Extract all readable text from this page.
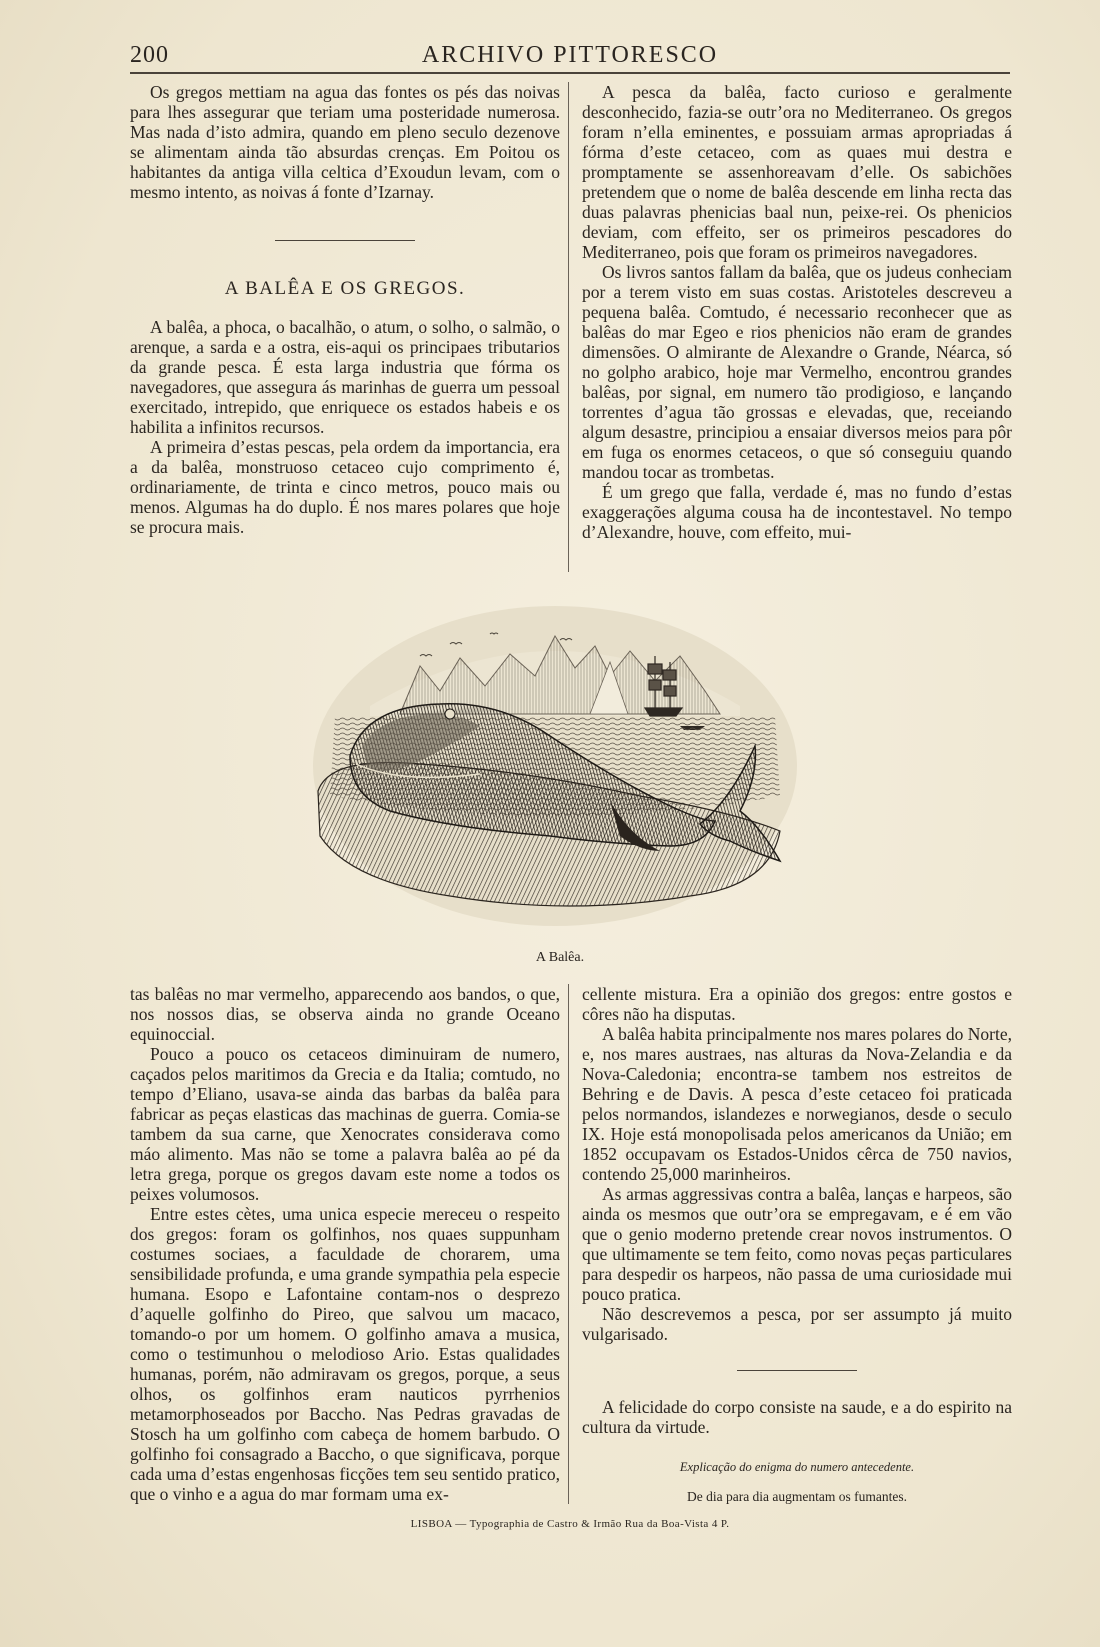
200	ARCHIVO PITTORESCO

Os gregos mettiam na agua das fontes os pés das noivas para lhes assegurar que teriam uma posteridade numerosa. Mas nada d’isto admira, quando em pleno seculo dezenove se alimentam ainda tão absurdas crenças. Em Poitou os habitantes da antiga villa celtica d’Exoudun levam, com o mesmo intento, as noivas á fonte d’Izarnay.

A BALÊA E OS GREGOS.

A balêa, a phoca, o bacalhão, o atum, o solho, o salmão, o arenque, a sarda e a ostra, eis-aqui os principaes tributarios da grande pesca. É esta larga industria que fórma os navegadores, que assegura ás marinhas de guerra um pessoal exercitado, intrepido, que enriquece os estados habeis e os habilita a infinitos recursos.

A primeira d’estas pescas, pela ordem da importancia, era a da balêa, monstruoso cetaceo cujo comprimento é, ordinariamente, de trinta e cinco metros, pouco mais ou menos. Algumas ha do duplo. É nos mares polares que hoje se procura mais.

A pesca da balêa, facto curioso e geralmente desconhecido, fazia-se outr’ora no Mediterraneo. Os gregos foram n’ella eminentes, e possuiam armas apropriadas á fórma d’este cetaceo, com as quaes mui destra e promptamente se assenhoreavam d’elle. Os sabichões pretendem que o nome de balêa descende em linha recta das duas palavras phenicias baal nun, peixe-rei. Os phenicios deviam, com effeito, ser os primeiros pescadores do Mediterraneo, pois que foram os primeiros navegadores.

Os livros santos fallam da balêa, que os judeus conheciam por a terem visto em suas costas. Aristoteles descreveu a pequena balêa. Comtudo, é necessario reconhecer que as balêas do mar Egeo e rios phenicios não eram de grandes dimensões. O almirante de Alexandre o Grande, Néarca, só no golpho arabico, hoje mar Vermelho, encontrou grandes balêas, por signal, em numero tão prodigioso, e lançando torrentes d’agua tão grossas e elevadas, que, receiando algum desastre, principiou a ensaiar diversos meios para pôr em fuga os enormes cetaceos, o que só conseguiu quando mandou tocar as trombetas.

É um grego que falla, verdade é, mas no fundo d’estas exaggerações alguma cousa ha de incontestavel. No tempo d’Alexandre, houve, com effeito, mui-

A Balêa.

tas balêas no mar vermelho, apparecendo aos bandos, o que, nos nossos dias, se observa ainda no grande Oceano equinoccial.

Pouco a pouco os cetaceos diminuiram de numero, caçados pelos maritimos da Grecia e da Italia; comtudo, no tempo d’Eliano, usava-se ainda das barbas da balêa para fabricar as peças elasticas das machinas de guerra. Comia-se tambem da sua carne, que Xenocrates considerava como máo alimento. Mas não se tome a palavra balêa ao pé da letra grega, porque os gregos davam este nome a todos os peixes volumosos.

Entre estes cètes, uma unica especie mereceu o respeito dos gregos: foram os golfinhos, nos quaes suppunham costumes sociaes, a faculdade de chorarem, uma sensibilidade profunda, e uma grande sympathia pela especie humana. Esopo e Lafontaine contam-nos o desprezo d’aquelle golfinho do Pireo, que salvou um macaco, tomando-o por um homem. O golfinho amava a musica, como o testimunhou o melodioso Ario. Estas qualidades humanas, porém, não admiravam os gregos, porque, a seus olhos, os golfinhos eram nauticos pyrrhenios metamorphoseados por Baccho. Nas Pedras gravadas de Stosch ha um golfinho com cabeça de homem barbudo. O golfinho foi consagrado a Baccho, o que significava, porque cada uma d’estas engenhosas ficções tem seu sentido pratico, que o vinho e a agua do mar formam uma ex-

cellente mistura. Era a opinião dos gregos: entre gostos e côres não ha disputas.

A balêa habita principalmente nos mares polares do Norte, e, nos mares austraes, nas alturas da Nova-Zelandia e da Nova-Caledonia; encontra-se tambem nos estreitos de Behring e de Davis. A pesca d’este cetaceo foi praticada pelos normandos, islandezes e norwegianos, desde o seculo IX. Hoje está monopolisada pelos americanos da União; em 1852 occupavam os Estados-Unidos cêrca de 750 navios, contendo 25,000 marinheiros.

As armas aggressivas contra a balêa, lanças e harpeos, são ainda os mesmos que outr’ora se empregavam, e é em vão que o genio moderno pretende crear novos instrumentos. O que ultimamente se tem feito, como novas peças particulares para despedir os harpeos, não passa de uma curiosidade mui pouco pratica.

Não descrevemos a pesca, por ser assumpto já muito vulgarisado.

A felicidade do corpo consiste na saude, e a do espirito na cultura da virtude.

Explicação do enigma do numero antecedente.
De dia para dia augmentam os fumantes.
LISBOA — Typographia de Castro & Irmão Rua da Boa-Vista 4 P.
